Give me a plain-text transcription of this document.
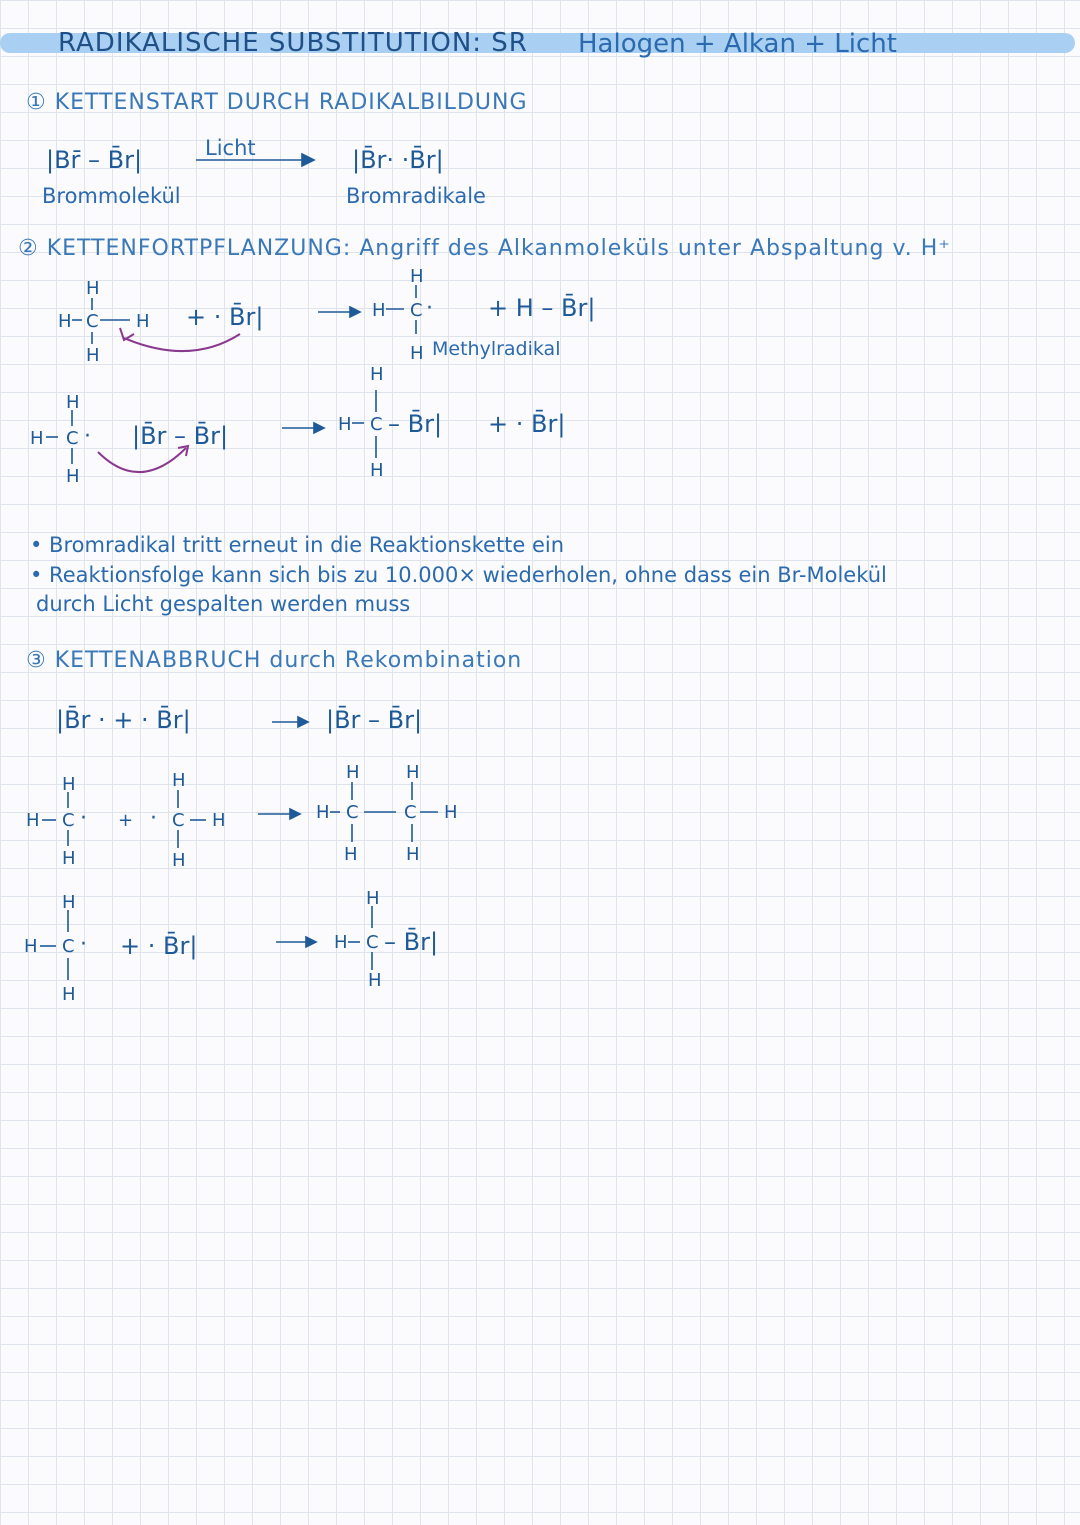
RADIKALISCHE SUBSTITUTION: SR Halogen + Alkan + Licht
① KETTENSTART DURCH RADIKALBILDUNG
|Br̄ – B̄r|	Licht	|B̄r· ·B̄r|
Brommolekül	Bromradikale
② KETTENFORTPFLANZUNG: Angriff des Alkanmoleküls unter Abspaltung v. H⁺
H
H C H
H
+ · B̄r|
H
H C ·
H Methylradikal
+ H – B̄r|
H
H C ·
H
|B̄r – B̄r|
H
H C – B̄r|
H
+ · B̄r|
• Bromradikal tritt erneut in die Reaktionskette ein
• Reaktionsfolge kann sich bis zu 10.000× wiederholen, ohne dass ein Br-Molekül
durch Licht gespalten werden muss
③ KETTENABBRUCH durch Rekombination
|B̄r · + · B̄r|	|B̄r – B̄r|
H
H C ·
H
+ ·
H
C H
H
H	H
H C	C H
H	H
H
H C ·
H
+ · B̄r|
H
H C – B̄r|
H
